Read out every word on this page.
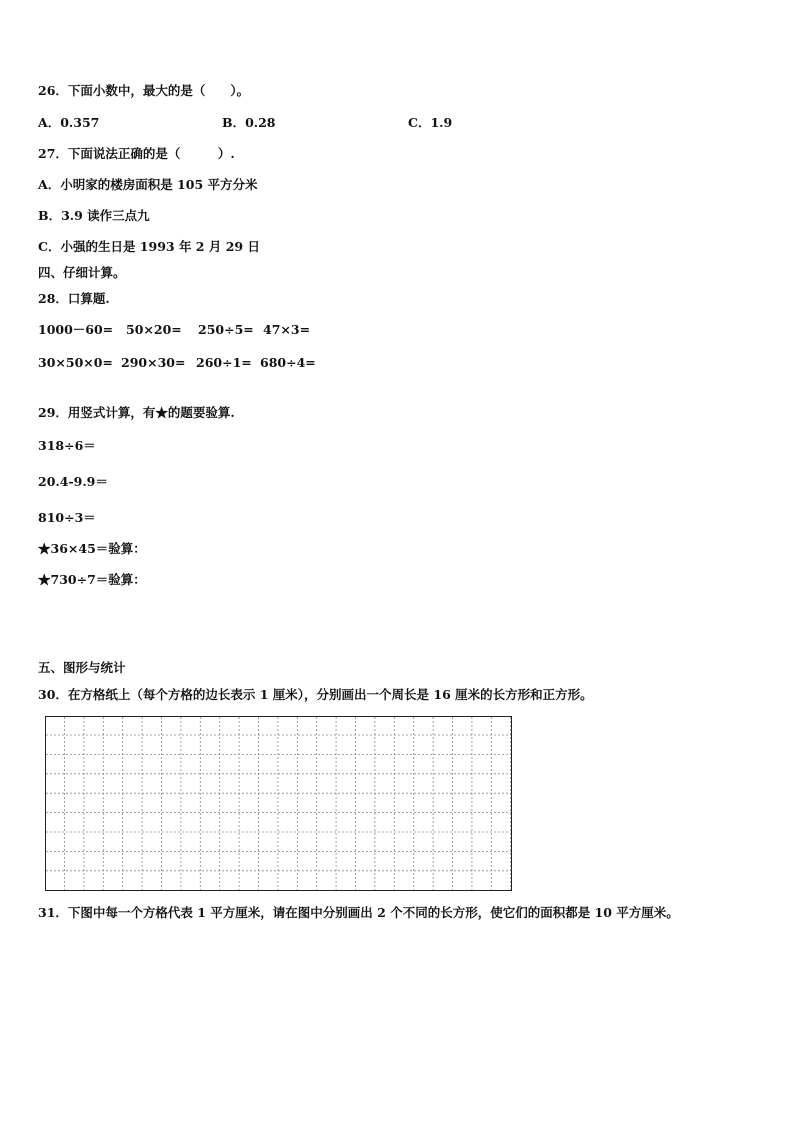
26．下面小数中，最大的是（　　）。
A．0.357	B．0.28	C．1.9
27．下面说法正确的是（　　　）.
A．小明家的楼房面积是 105 平方分米
B．3.9 读作三点九
C．小强的生日是 1993 年 2 月 29 日
四、仔细计算。
28．口算题.
1000－60= 50×20= 250÷5= 47×3=
30×50×0= 290×30= 260÷1= 680÷4=
29．用竖式计算，有★的题要验算.
318÷6＝
20.4-9.9＝
810÷3＝
★36×45＝验算：
★730÷7＝验算：
五、图形与统计
30．在方格纸上（每个方格的边长表示 1 厘米），分别画出一个周长是 16 厘米的长方形和正方形。
31．下图中每一个方格代表 1 平方厘米，请在图中分别画出 2 个不同的长方形，使它们的面积都是 10 平方厘米。
